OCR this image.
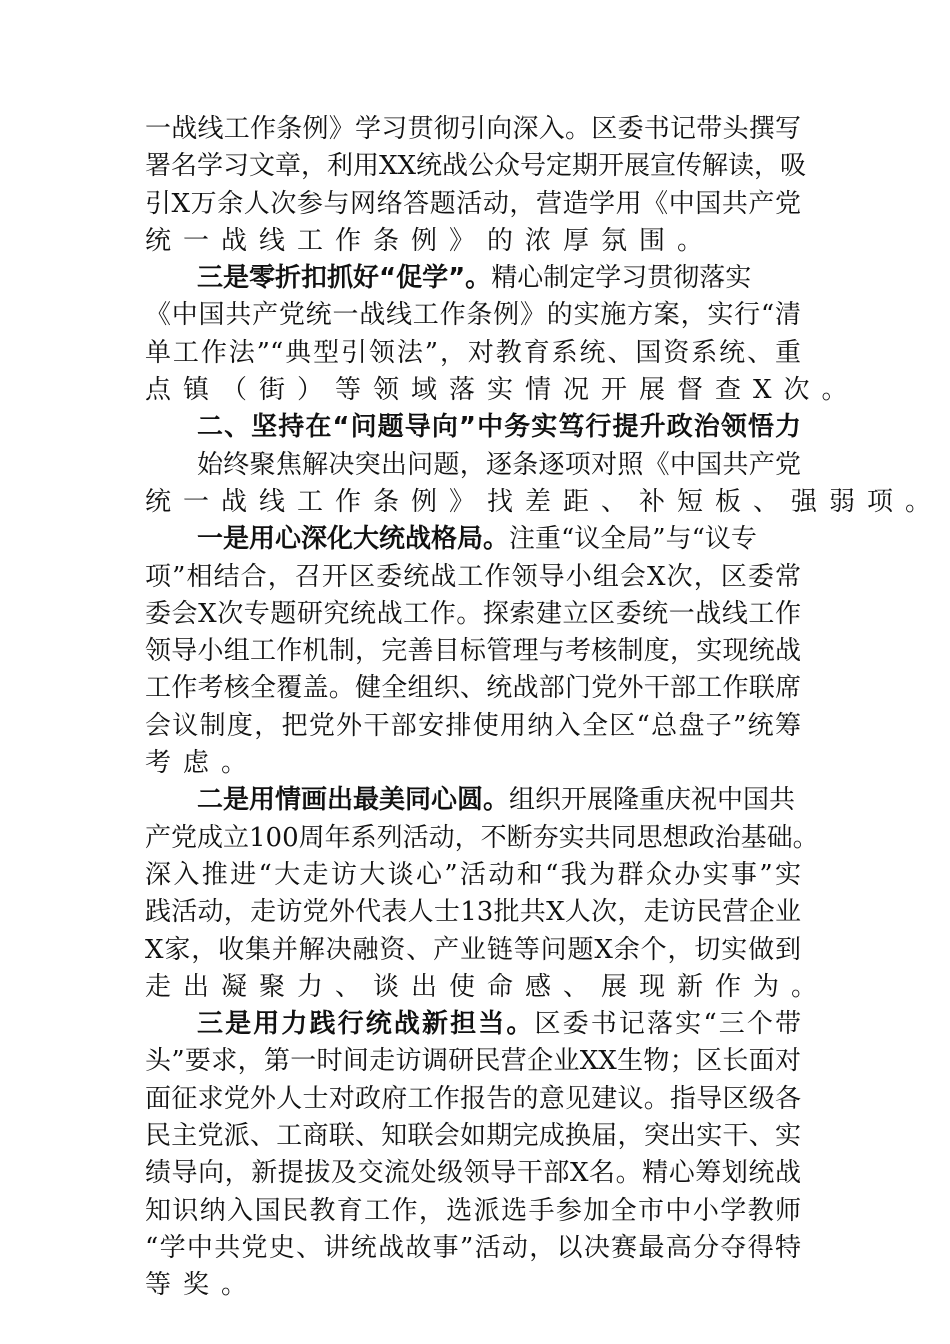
一战线工作条例》学习贯彻引向深入。区委书记带头撰写
署名学习文章，利用XX统战公众号定期开展宣传解读，吸
引X万余人次参与网络答题活动，营造学用《中国共产党
统一战线工作条例》的浓厚氛围。
三是零折扣抓好“促学”。精心制定学习贯彻落实
《中国共产党统一战线工作条例》的实施方案，实行“清
单工作法”“典型引领法”，对教育系统、国资系统、重
点镇（街）等领域落实情况开展督查X次。
二、坚持在“问题导向”中务实笃行提升政治领悟力
始终聚焦解决突出问题，逐条逐项对照《中国共产党
统一战线工作条例》找差距、补短板、强弱项。
一是用心深化大统战格局。注重“议全局”与“议专
项”相结合，召开区委统战工作领导小组会X次，区委常
委会X次专题研究统战工作。探索建立区委统一战线工作
领导小组工作机制，完善目标管理与考核制度，实现统战
工作考核全覆盖。健全组织、统战部门党外干部工作联席
会议制度，把党外干部安排使用纳入全区“总盘子”统筹
考虑。
二是用情画出最美同心圆。组织开展隆重庆祝中国共
产党成立100周年系列活动，不断夯实共同思想政治基础。
深入推进“大走访大谈心”活动和“我为群众办实事”实
践活动，走访党外代表人士13批共X人次，走访民营企业
X家，收集并解决融资、产业链等问题X余个，切实做到
走出凝聚力、谈出使命感、展现新作为。
三是用力践行统战新担当。区委书记落实“三个带
头”要求，第一时间走访调研民营企业XX生物；区长面对
面征求党外人士对政府工作报告的意见建议。指导区级各
民主党派、工商联、知联会如期完成换届，突出实干、实
绩导向，新提拔及交流处级领导干部X名。精心筹划统战
知识纳入国民教育工作，选派选手参加全市中小学教师
“学中共党史、讲统战故事”活动，以决赛最高分夺得特
等奖。
